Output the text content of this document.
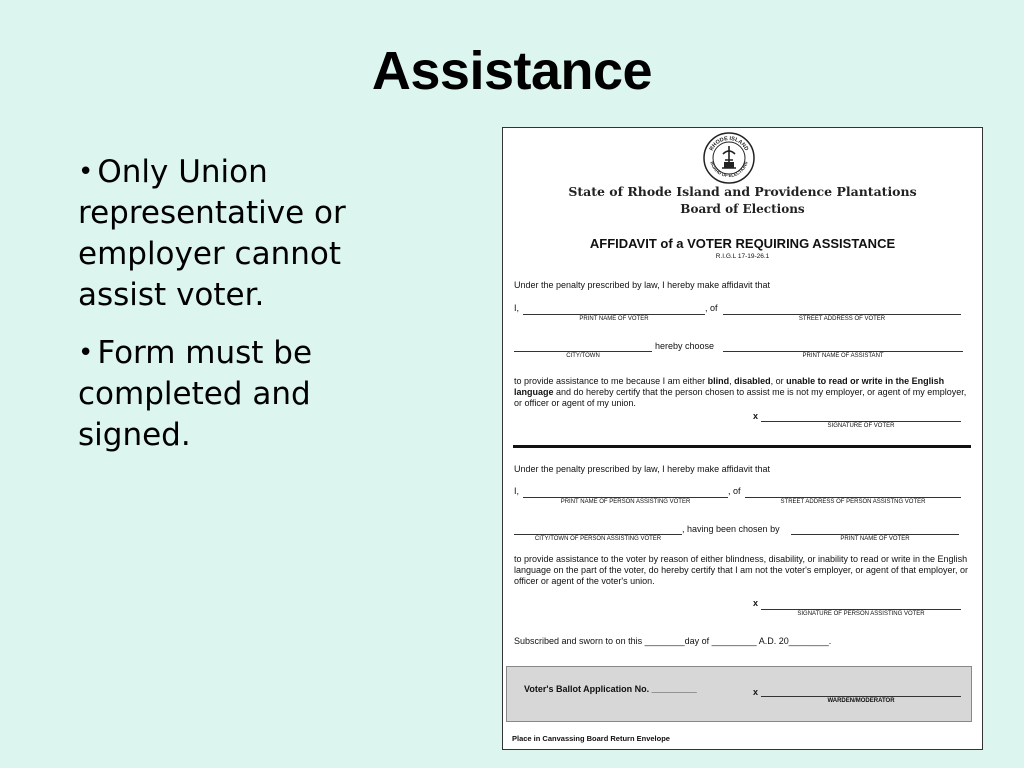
Assistance
• Only Union representative or employer cannot assist voter.
• Form must be completed and signed.
RHODE ISLAND
BOARD OF ELECTIONS
State of Rhode Island and Providence Plantations
Board of Elections
AFFIDAVIT of a VOTER REQUIRING ASSISTANCE
R.I.G.L 17-19-26.1
Under the penalty prescribed by law, I hereby make affidavit that
I,	, of
PRINT NAME OF VOTER	STREET ADDRESS OF VOTER
hereby choose
CITY/TOWN	PRINT NAME OF ASSISTANT
to provide assistance to me because I am either blind, disabled, or unable to read or write in the English language and do hereby certify that the person chosen to assist me is not my employer, or agent of my employer, or officer or agent of my union.
x
SIGNATURE OF VOTER
Under the penalty prescribed by law, I hereby make affidavit that
I,	, of
PRINT NAME OF PERSON ASSISTING VOTER	STREET ADDRESS OF PERSON ASSISTNG VOTER
, having been chosen by
CITY/TOWN OF PERSON ASSISTING VOTER	PRINT NAME OF VOTER
to provide assistance to the voter by reason of either blindness, disability, or inability to read or write in the English language on the part of the voter, do hereby certify that I am not the voter's employer, or agent of that employer, or officer or agent of the voter's union.
x
SIGNATURE OF PERSON ASSISTING VOTER
Subscribed and sworn to on this ________day of _________ A.D. 20________.
Voter's Ballot Application No. _________	x
WARDEN/MODERATOR
Place in Canvassing Board Return Envelope
